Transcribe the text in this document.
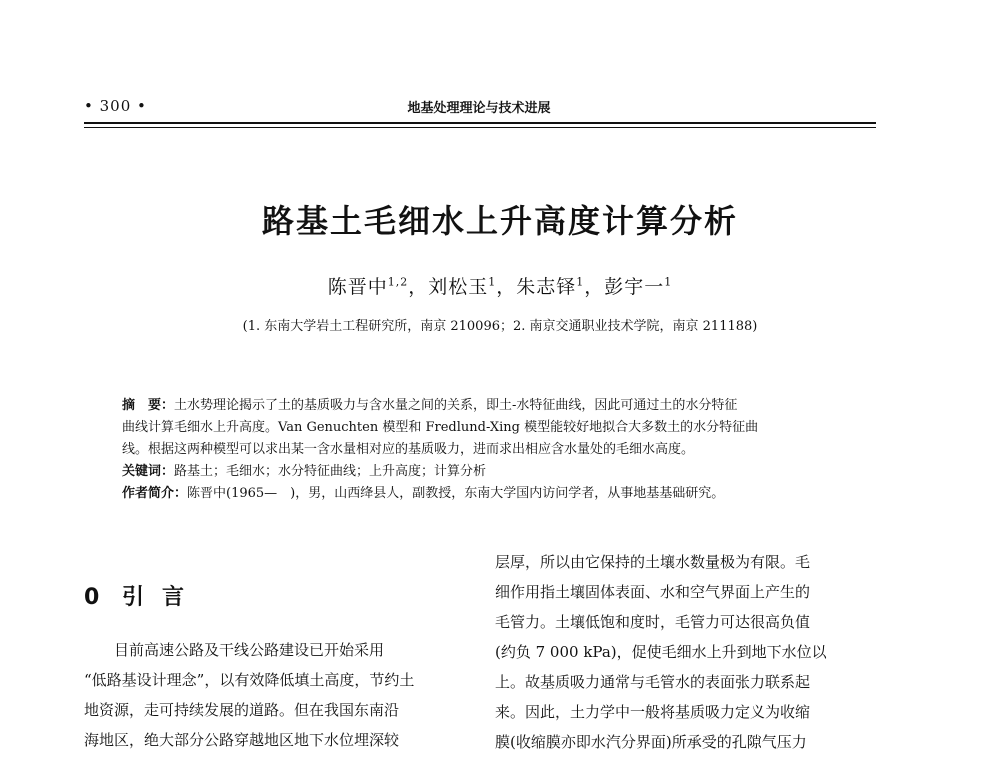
• 300 •	地基处理理论与技术进展
路基土毛细水上升高度计算分析
陈晋中$^{1,2}$，刘松玉$^1$，朱志铎$^1$，彭宇一$^1$
(1. 东南大学岩土工程研究所，南京 210096；2. 南京交通职业技术学院，南京 211188)
摘　要：土水势理论揭示了土的基质吸力与含水量之间的关系，即土-水特征曲线，因此可通过土的水分特征
曲线计算毛细水上升高度。Van Genuchten 模型和 Fredlund-Xing 模型能较好地拟合大多数土的水分特征曲
线。根据这两种模型可以求出某一含水量相对应的基质吸力，进而求出相应含水量处的毛细水高度。
关键词：路基土；毛细水；水分特征曲线；上升高度；计算分析
作者简介：陈晋中(1965—　)，男，山西绛县人，副教授，东南大学国内访问学者，从事地基基础研究。
0 引 言
目前高速公路及干线公路建设已开始采用
“低路基设计理念”，以有效降低填土高度，节约土
地资源，走可持续发展的道路。但在我国东南沿
海地区，绝大部分公路穿越地区地下水位埋深较
层厚，所以由它保持的土壤水数量极为有限。毛
细作用指土壤固体表面、水和空气界面上产生的
毛管力。土壤低饱和度时，毛管力可达很高负值
(约负 7 000 kPa)，促使毛细水上升到地下水位以
上。故基质吸力通常与毛管水的表面张力联系起
来。因此，土力学中一般将基质吸力定义为收缩
膜(收缩膜亦即水汽分界面)所承受的孔隙气压力
